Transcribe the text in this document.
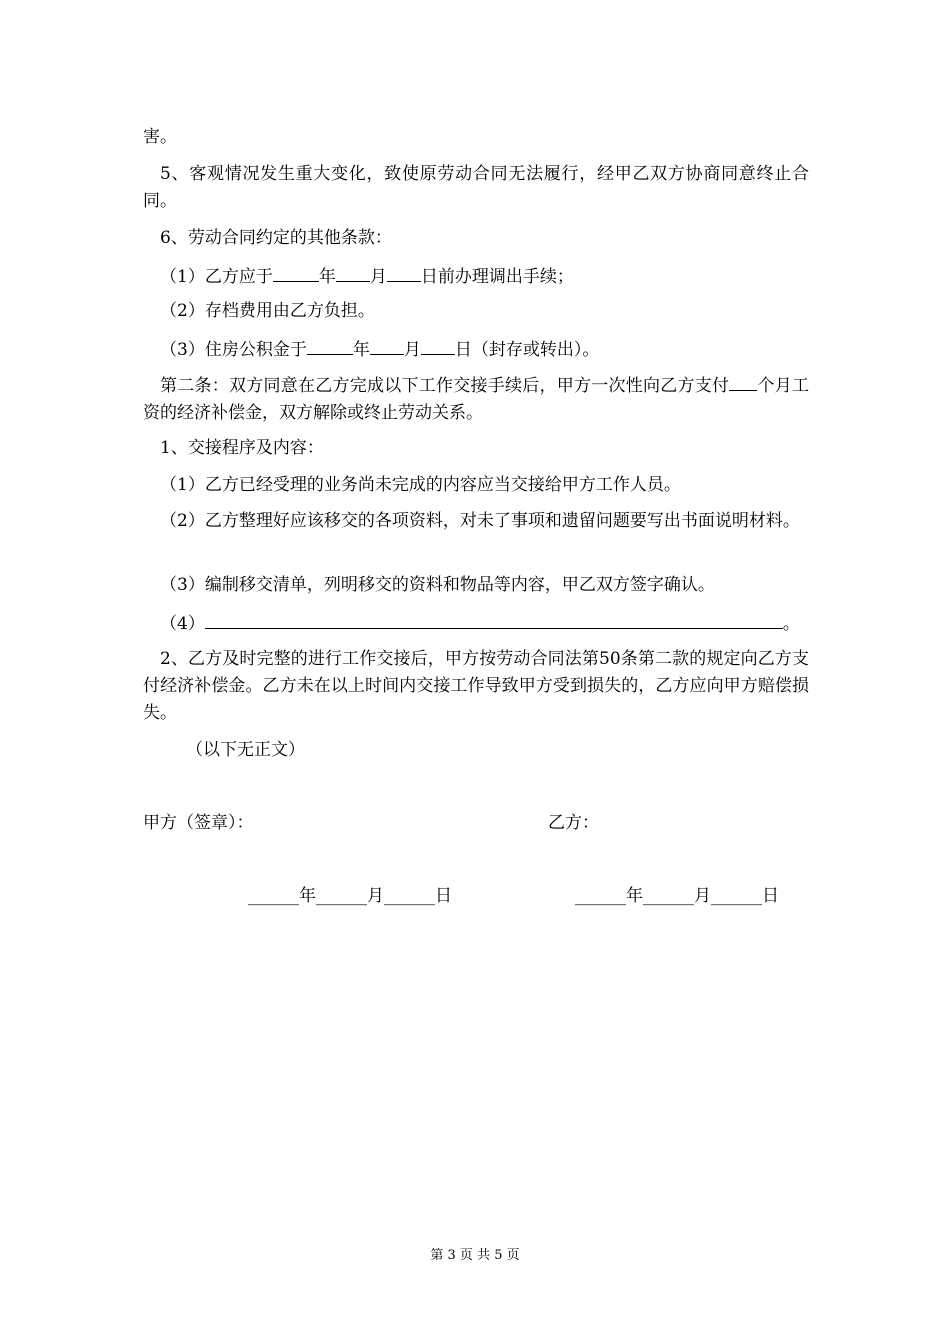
害。
5、客观情况发生重大变化，致使原劳动合同无法履行，经甲乙双方协商同意终止合同。
6、劳动合同约定的其他条款：
（1）乙方应于	年 月 日前办理调出手续；
（2）存档费用由乙方负担。
（3）住房公积金于	年 月 日（封存或转出）。
第二条：双方同意在乙方完成以下工作交接手续后，甲方一次性向乙方支付 个月工资的经济补偿金，双方解除或终止劳动关系。
1、交接程序及内容：
（1）乙方已经受理的业务尚未完成的内容应当交接给甲方工作人员。
（2）乙方整理好应该移交的各项资料，对未了事项和遗留问题要写出书面说明材料。
（3）编制移交清单，列明移交的资料和物品等内容，甲乙双方签字确认。
（4）	。
2、乙方及时完整的进行工作交接后，甲方按劳动合同法第50条第二款的规定向乙方支付经济补偿金。乙方未在以上时间内交接工作导致甲方受到损失的，乙方应向甲方赔偿损失。
（以下无正文）
甲方（签章）：	乙方：
______年______月______日	______年______月______日
第 3 页 共 5 页
